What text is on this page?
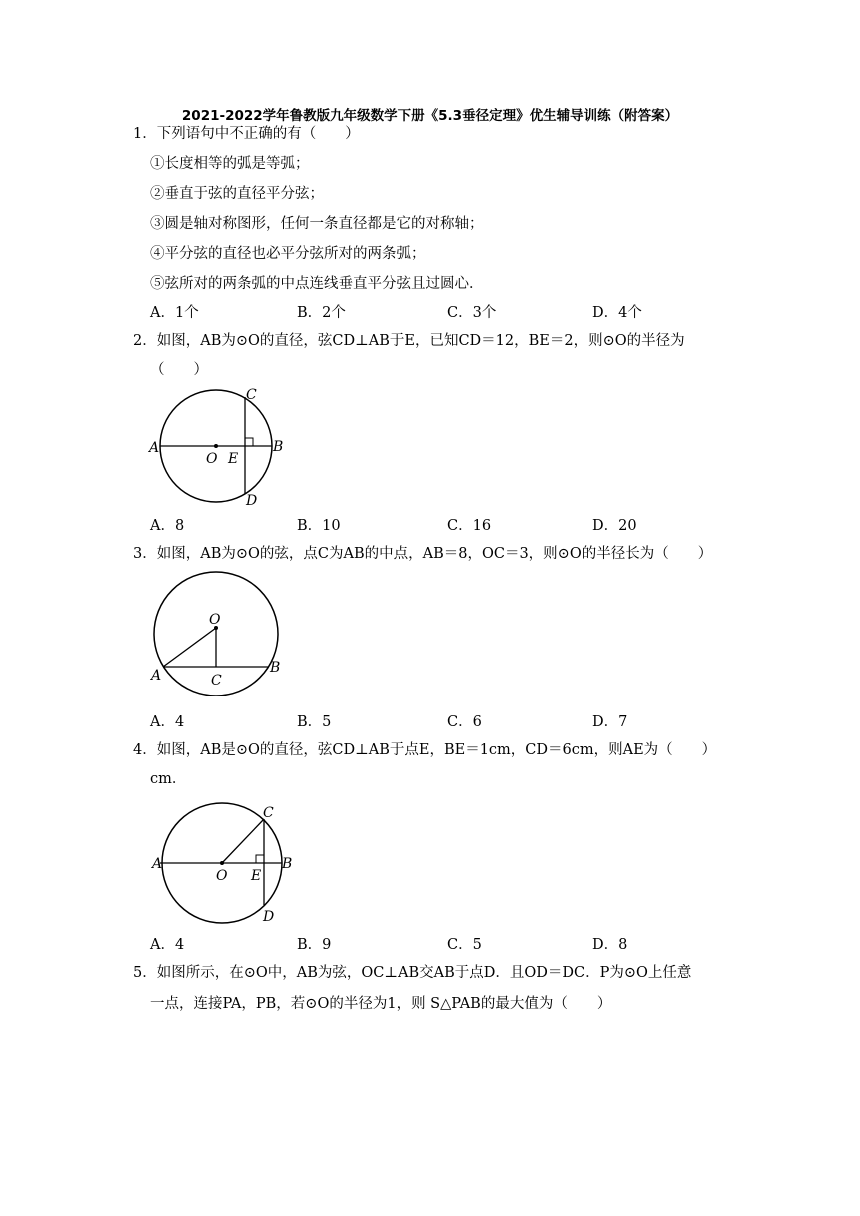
2021-2022学年鲁教版九年级数学下册《5.3垂径定理》优生辅导训练（附答案）
1．下列语句中不正确的有（　　）
①长度相等的弧是等弧；
②垂直于弦的直径平分弦；
③圆是轴对称图形，任何一条直径都是它的对称轴；
④平分弦的直径也必平分弦所对的两条弧；
⑤弦所对的两条弧的中点连线垂直平分弦且过圆心．
A．1个	B．2个	C．3个	D．4个
2．如图，AB为⊙O的直径，弦CD⊥AB于E，已知CD＝12，BE＝2，则⊙O的半径为
（　　）
A
O E
B
C
D
A．8	B．10	C．16	D．20
3．如图，AB为⊙O的弦，点C为AB的中点，AB＝8，OC＝3，则⊙O的半径长为（　　）
O
A	C
B
A．4	B．5	C．6	D．7
4．如图，AB是⊙O的直径，弦CD⊥AB于点E，BE＝1cm，CD＝6cm，则AE为（　　）
cm．
A
O E
B
C
D
A．4	B．9	C．5	D．8
5．如图所示，在⊙O中，AB为弦，OC⊥AB交AB于点D．且OD＝DC．P为⊙O上任意
一点，连接PA，PB，若⊙O的半径为1，则 S△PAB的最大值为（　　）
